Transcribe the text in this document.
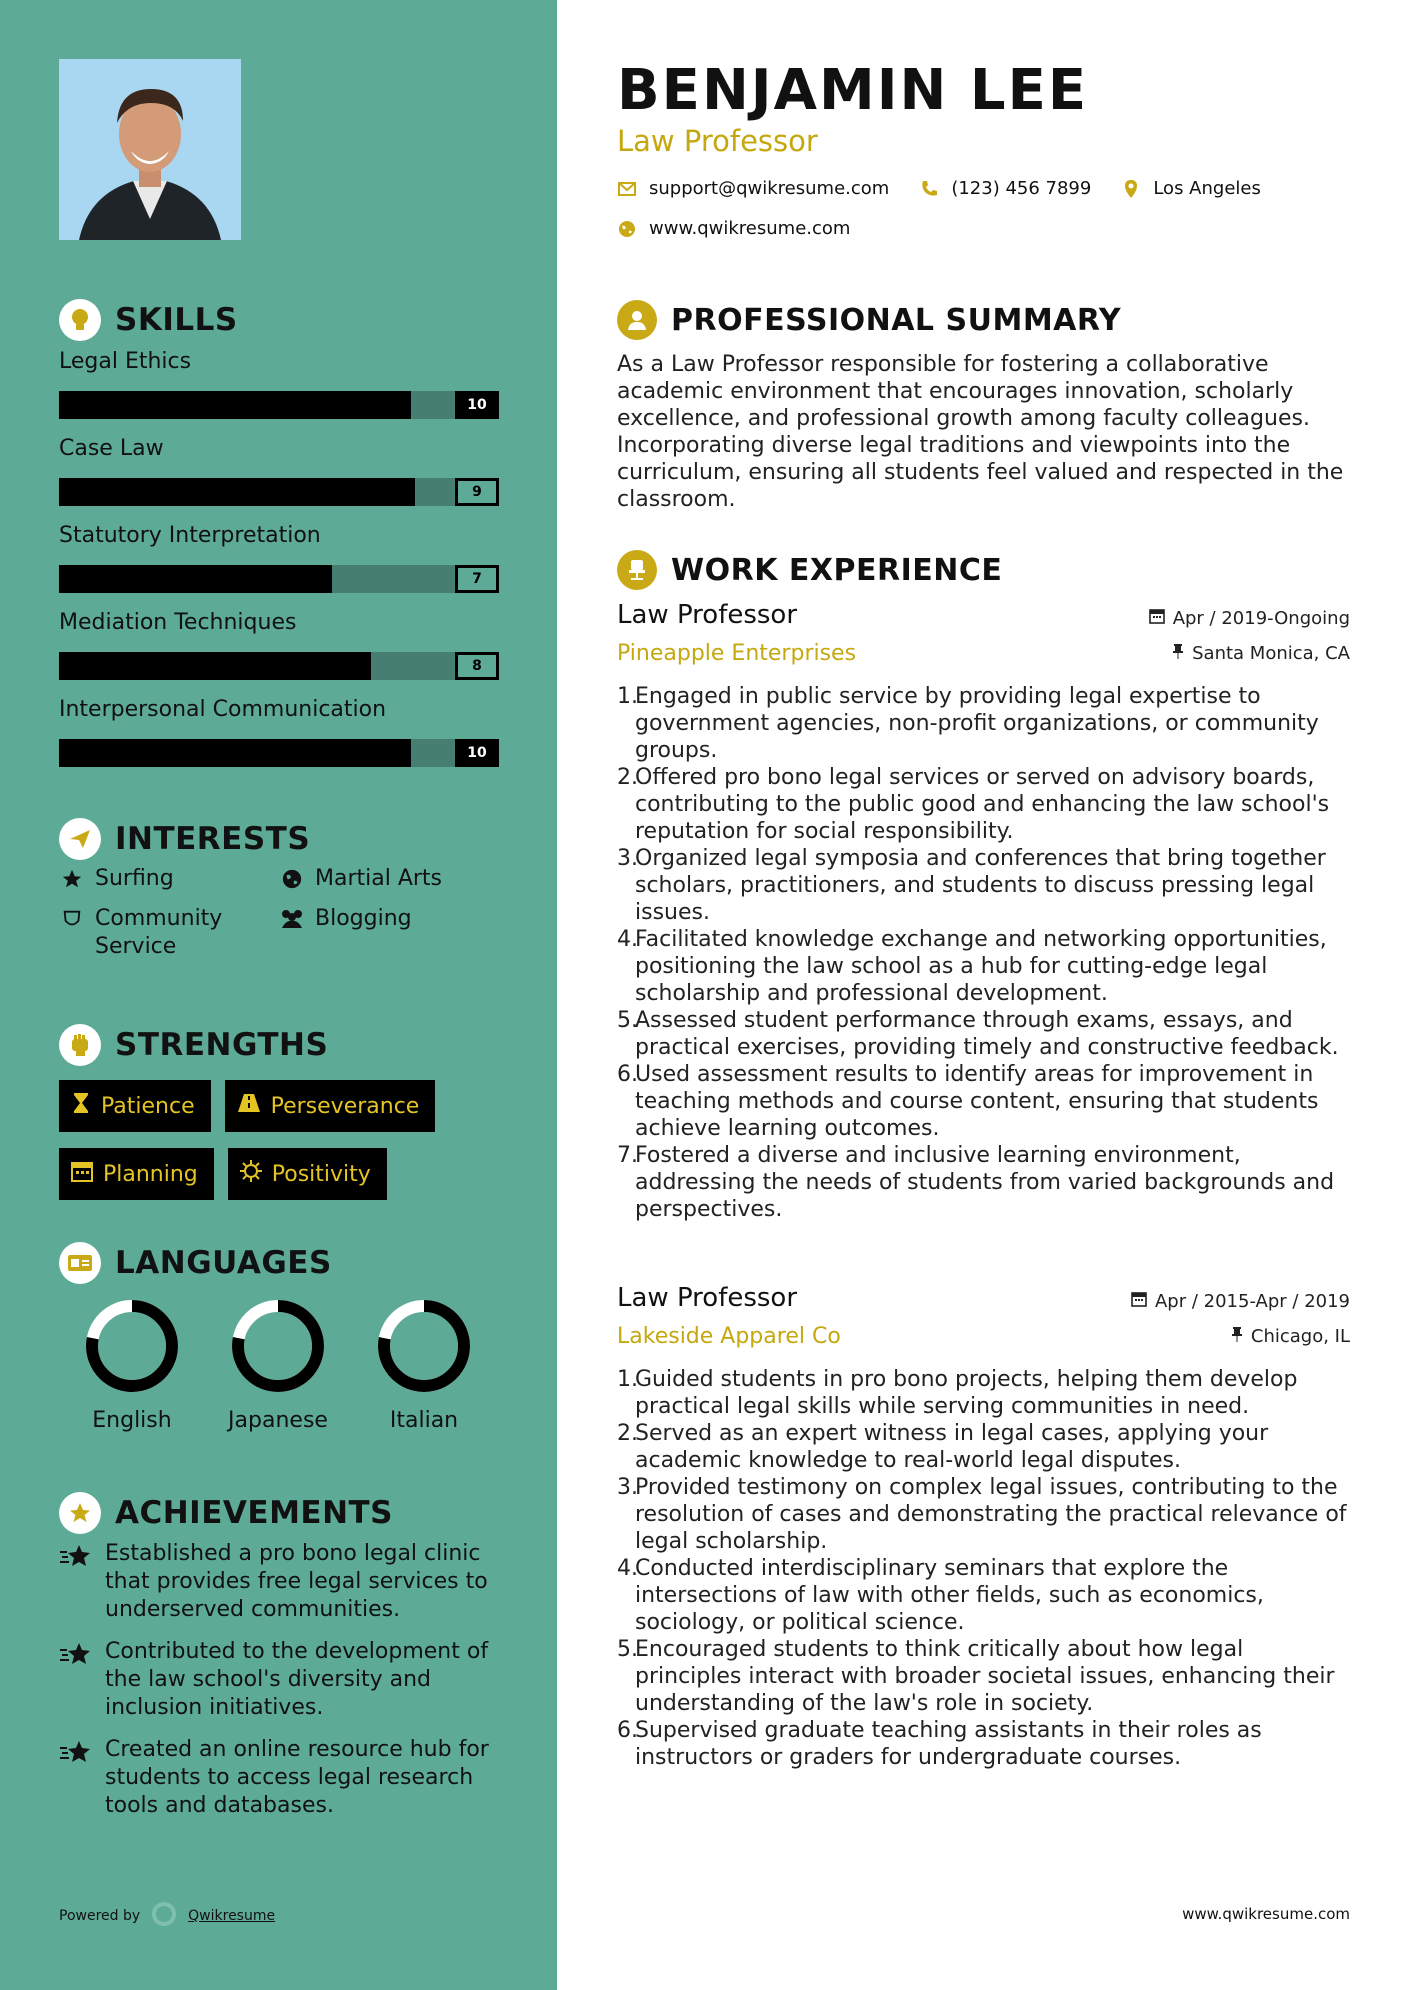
SKILLS
Legal Ethics
10
Case Law
9
Statutory Interpretation
7
Mediation Techniques
8
Interpersonal Communication
10
INTERESTS
Surfing	Martial Arts
Community Service
Blogging
STRENGTHS
Patience	Perseverance
Planning	Positivity
LANGUAGES
English	Japanese	Italian
ACHIEVEMENTS
Established a pro bono legal clinic that provides free legal services to underserved communities.
Contributed to the development of the law school's diversity and inclusion initiatives.
Created an online resource hub for students to access legal research tools and databases.
Powered by	Qwikresume
BENJAMIN LEE
Law Professor
support@qwikresume.com	(123) 456 7899	Los Angeles
www.qwikresume.com
PROFESSIONAL SUMMARY
As a Law Professor responsible for fostering a collaborative academic environment that encourages innovation, scholarly excellence, and professional growth among faculty colleagues. Incorporating diverse legal traditions and viewpoints into the curriculum, ensuring all students feel valued and respected in the classroom.
WORK EXPERIENCE
Law Professor	Apr / 2019-Ongoing
Pineapple Enterprises	Santa Monica, CA
1.
Engaged in public service by providing legal expertise to government agencies, non-profit organizations, or community groups.
2.
Offered pro bono legal services or served on advisory boards, contributing to the public good and enhancing the law school's reputation for social responsibility.
3.
Organized legal symposia and conferences that bring together scholars, practitioners, and students to discuss pressing legal issues.
4.
Facilitated knowledge exchange and networking opportunities, positioning the law school as a hub for cutting-edge legal scholarship and professional development.
5.
Assessed student performance through exams, essays, and practical exercises, providing timely and constructive feedback.
6.
Used assessment results to identify areas for improvement in teaching methods and course content, ensuring that students achieve learning outcomes.
7.
Fostered a diverse and inclusive learning environment, addressing the needs of students from varied backgrounds and perspectives.
Law Professor	Apr / 2015-Apr / 2019
Lakeside Apparel Co	Chicago, IL
1.
Guided students in pro bono projects, helping them develop practical legal skills while serving communities in need.
2.
Served as an expert witness in legal cases, applying your academic knowledge to real-world legal disputes.
3.
Provided testimony on complex legal issues, contributing to the resolution of cases and demonstrating the practical relevance of legal scholarship.
4.
Conducted interdisciplinary seminars that explore the intersections of law with other fields, such as economics, sociology, or political science.
5.
Encouraged students to think critically about how legal principles interact with broader societal issues, enhancing their understanding of the law's role in society.
6.
Supervised graduate teaching assistants in their roles as instructors or graders for undergraduate courses.
www.qwikresume.com
